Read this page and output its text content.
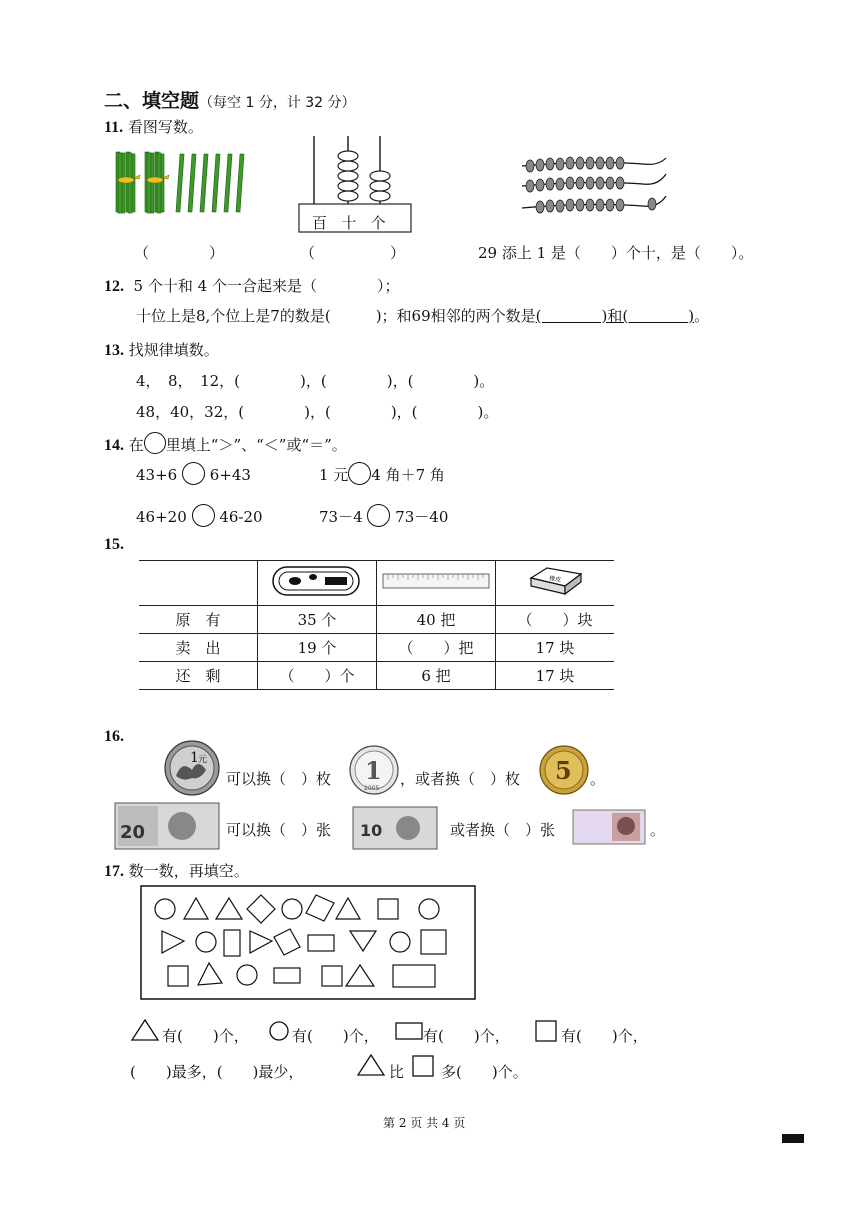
二、填空题（每空 1 分，计 32 分）
11. 看图写数。
百 十 个
（　　　　）	（　　　　　）	29 添上 1 是（　　）个十，是（　　）。
12. 5 个十和 4 个一合起来是（　　　　）；
十位上是8,个位上是7的数是(　　　)；和69相邻的两个数是(　　　　)和(　　　　)。
13. 找规律填数。
4，　8，　12，(　　　　)，(　　　　)，(　　　　)。
48，40，32，(　　　　)，(　　　　)，(　　　　)。
14. 在 里填上“＞”、“＜”或“＝”。
43+6 6+43	1 元 4 角＋7 角
46+20 46-20	73－4 73－40
15.

橡皮

原　有	35 个	40 把	（　　）块
卖　出	19 个	（　　）把	17 块
还　剩	（　　）个	6 把	17 块
16.
1 元
可以换（　）枚 1
2005
，或者换（　）枚 5 。
20	可以换（　）张 10	或者换（　）张	。
17. 数一数，再填空。
有(　　)个，	有(　　)个，	有(　　)个，	有(　　)个，
(　　)最多，(　　)最少，	比 多(　　)个。
第 2 页 共 4 页
